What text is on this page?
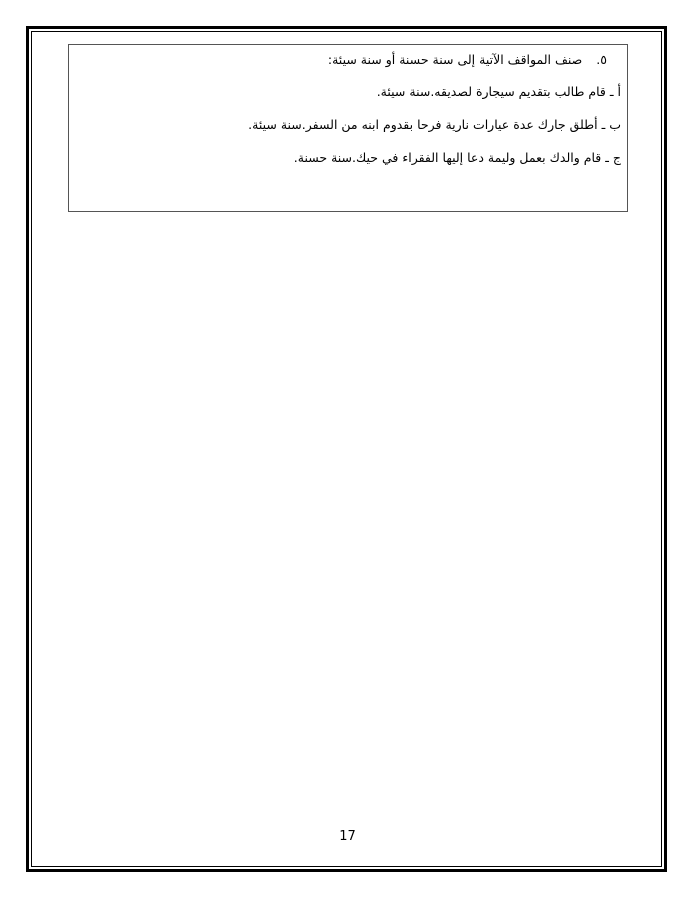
٥. صنف المواقف الآتية إلى سنة حسنة أو سنة سيئة:
أ ـ قام طالب بتقديم سيجارة لصديقه.سنة سيئة.
ب ـ أطلق جارك عدة عيارات نارية فرحا بقدوم ابنه من السفر.سنة سيئة.
ج ـ قام والدك بعمل وليمة دعا إليها الفقراء في حيك.سنة حسنة.
17
